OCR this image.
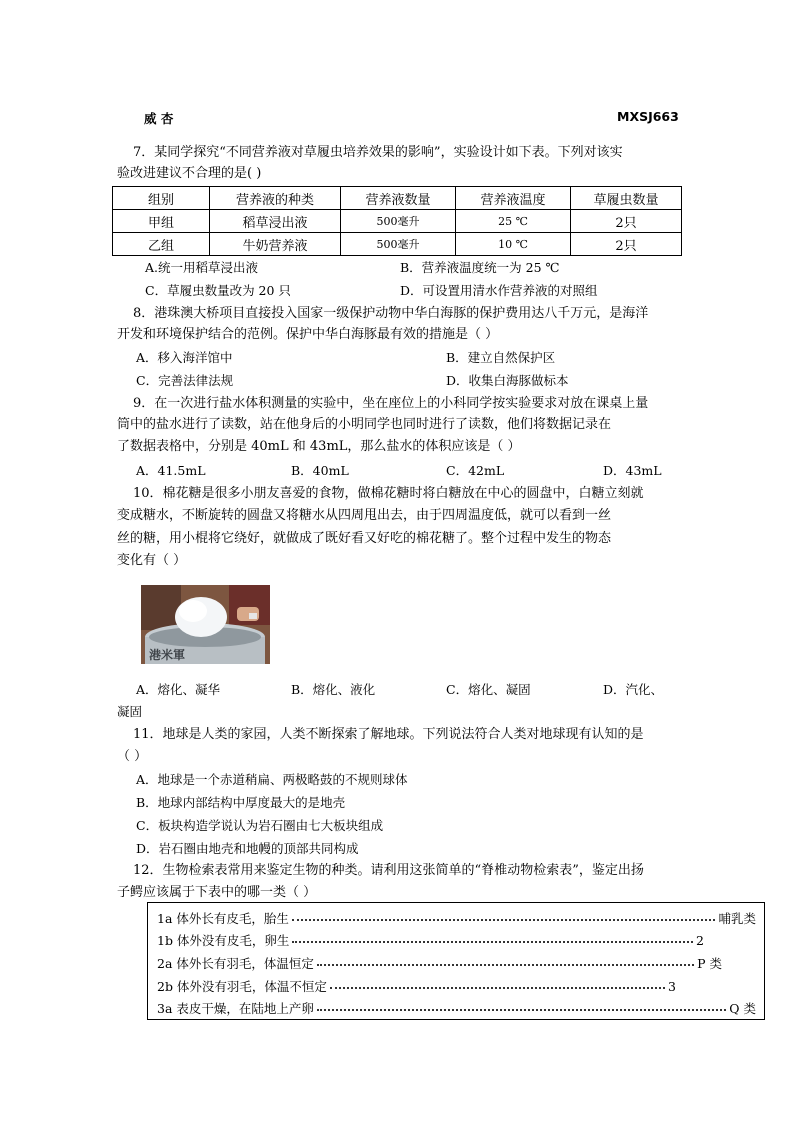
威 杏	MXSJ663
7．某同学探究“不同营养液对草履虫培养效果的影响”，实验设计如下表。下列对该实
验改进建议不合理的是( )
组别	营养液的种类	营养液数量	营养液温度	草履虫数量
甲组	稻草浸出液	500毫升	25 ℃	2只
乙组	牛奶营养液	500毫升	10 ℃	2只
A.统一用稻草浸出液	B．营养液温度统一为 25 ℃
C．草履虫数量改为 20 只	D．可设置用清水作营养液的对照组
8．港珠澳大桥项目直接投入国家一级保护动物中华白海豚的保护费用达八千万元，是海洋
开发和环境保护结合的范例。保护中华白海豚最有效的措施是（ ）
A．移入海洋馆中	B．建立自然保护区
C．完善法律法规	D．收集白海豚做标本
9．在一次进行盐水体积测量的实验中，坐在座位上的小科同学按实验要求对放在课桌上量
筒中的盐水进行了读数，站在他身后的小明同学也同时进行了读数，他们将数据记录在
了数据表格中，分别是 40mL 和 43mL，那么盐水的体积应该是（ ）
A．41.5mL	B．40mL	C．42mL	D．43mL
10．棉花糖是很多小朋友喜爱的食物，做棉花糖时将白糖放在中心的圆盘中，白糖立刻就
变成糖水，不断旋转的圆盘又将糖水从四周甩出去，由于四周温度低，就可以看到一丝
丝的糖，用小棍将它绕好，就做成了既好看又好吃的棉花糖了。整个过程中发生的物态
变化有（ ）
港米軍
A．熔化、凝华	B．熔化、液化	C．熔化、凝固	D．汽化、
凝固
11．地球是人类的家园，人类不断探索了解地球。下列说法符合人类对地球现有认知的是
（ ）
A．地球是一个赤道稍扁、两极略鼓的不规则球体
B．地球内部结构中厚度最大的是地壳
C．板块构造学说认为岩石圈由七大板块组成
D．岩石圈由地壳和地幔的顶部共同构成
12．生物检索表常用来鉴定生物的种类。请利用这张简单的“脊椎动物检索表”，鉴定出扬
子鳄应该属于下表中的哪一类（ ）
1a 体外长有皮毛，胎生	哺乳类
1b 体外没有皮毛，卵生	2
2a 体外长有羽毛，体温恒定	P 类
2b 体外没有羽毛，体温不恒定	3
3a 表皮干燥，在陆地上产卵	Q 类
